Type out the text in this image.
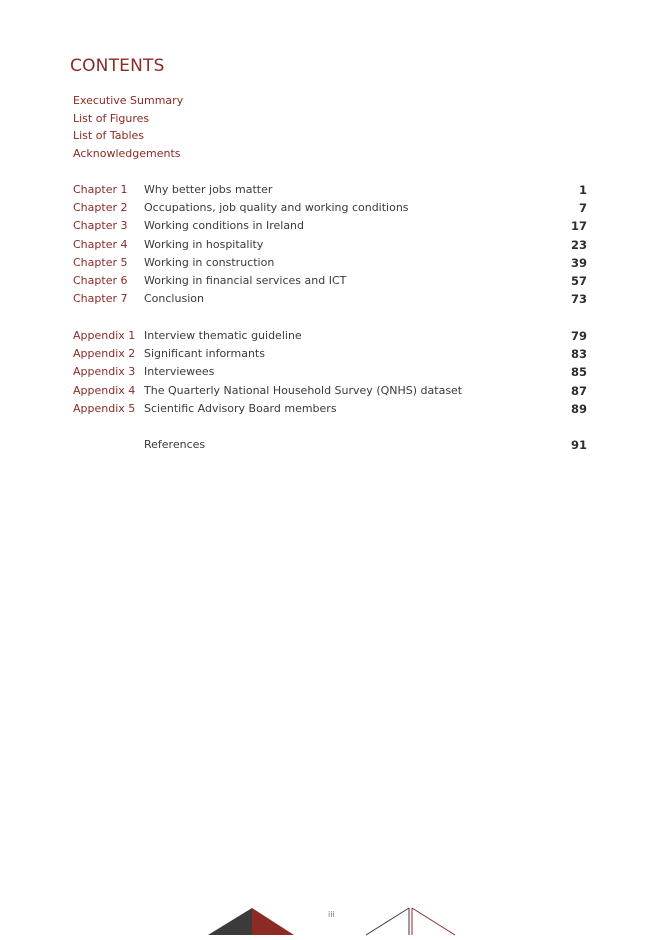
CONTENTS
Executive Summary
List of Figures
List of Tables
Acknowledgements
Chapter 1 Why better jobs matter	1
Chapter 2 Occupations, job quality and working conditions	7
Chapter 3 Working conditions in Ireland	17
Chapter 4 Working in hospitality	23
Chapter 5 Working in construction	39
Chapter 6 Working in financial services and ICT	57
Chapter 7 Conclusion	73
Appendix 1 Interview thematic guideline	79
Appendix 2 Significant informants	83
Appendix 3 Interviewees	85
Appendix 4 The Quarterly National Household Survey (QNHS) dataset	87
Appendix 5 Scientific Advisory Board members	89
References	91
iii
